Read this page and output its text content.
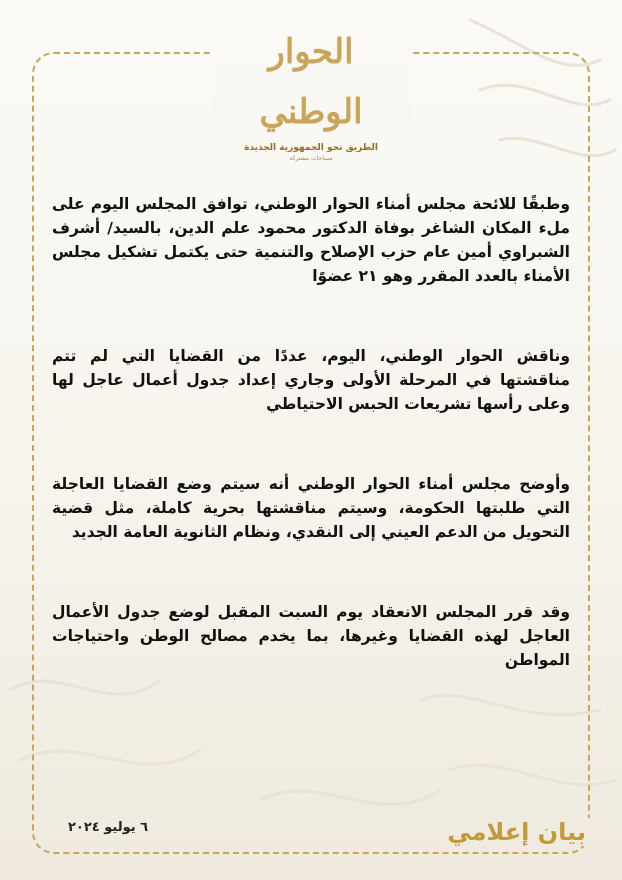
الحوار الوطني
الطريق نحو الجمهورية الجديدة
مساحات مشتركة

وطبقًا للائحة مجلس أمناء الحوار الوطني، توافق المجلس اليوم على ملء المكان الشاغر بوفاة الدكتور محمود علم الدين، بالسيد/ أشرف الشبراوي أمين عام حزب الإصلاح والتنمية حتى يكتمل تشكيل مجلس الأمناء بالعدد المقرر وهو ٢١ عضوًا

وناقش الحوار الوطني، اليوم، عددًا من القضايا التي لم تتم مناقشتها في المرحلة الأولى وجاري إعداد جدول أعمال عاجل لها وعلى رأسها تشريعات الحبس الاحتياطي

وأوضح مجلس أمناء الحوار الوطني أنه سيتم وضع القضايا العاجلة التي طلبتها الحكومة، وسيتم مناقشتها بحرية كاملة، مثل قضية التحويل من الدعم العيني إلى النقدي، ونظام الثانوية العامة الجديد

وقد قرر المجلس الانعقاد يوم السبت المقبل لوضع جدول الأعمال العاجل لهذه القضايا وغيرها، بما يخدم مصالح الوطن واحتياجات المواطن

٦ يوليو ٢٠٢٤	بيان إعلامي
